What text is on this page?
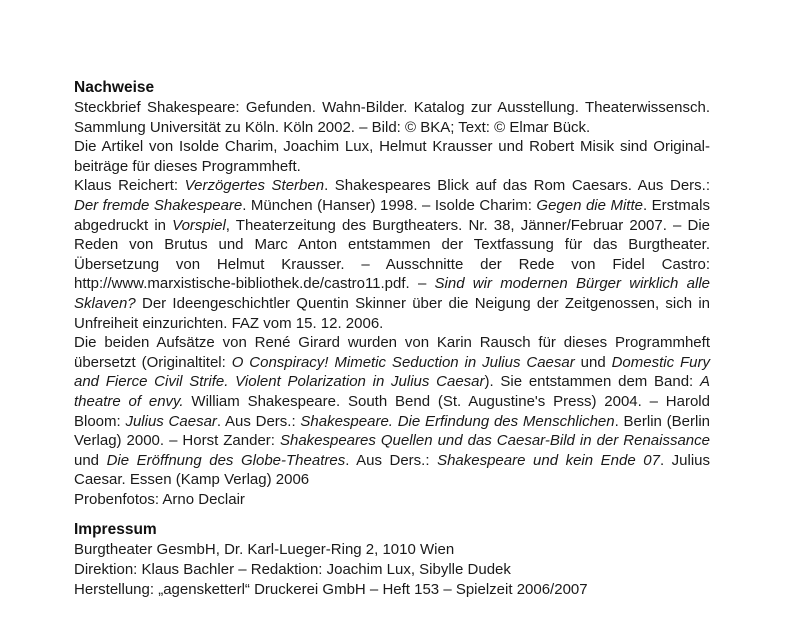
Nachweise

Steckbrief Shakespeare: Gefunden. Wahn-Bilder. Katalog zur Ausstellung. Theaterwissensch. Sammlung Universität zu Köln. Köln 2002. – Bild: © BKA; Text: © Elmar Bück.

Die Artikel von Isolde Charim, Joachim Lux, Helmut Krausser und Robert Misik sind Originalbeiträge für dieses Programmheft.

Klaus Reichert: Verzögertes Sterben. Shakespeares Blick auf das Rom Caesars. Aus Ders.: Der fremde Shakespeare. München (Hanser) 1998. – Isolde Charim: Gegen die Mitte. Erstmals abgedruckt in Vorspiel, Theaterzeitung des Burgtheaters. Nr. 38, Jänner/Februar 2007. – Die Reden von Brutus und Marc Anton entstammen der Textfassung für das Burgtheater. Übersetzung von Helmut Krausser. – Ausschnitte der Rede von Fidel Castro: http://www.marxistische-bibliothek.de/castro11.pdf. – Sind wir modernen Bürger wirklich alle Sklaven? Der Ideengeschichtler Quentin Skinner über die Neigung der Zeitgenossen, sich in Unfreiheit einzurichten. FAZ vom 15. 12. 2006.

Die beiden Aufsätze von René Girard wurden von Karin Rausch für dieses Programmheft übersetzt (Originaltitel: O Conspiracy! Mimetic Seduction in Julius Caesar und Domestic Fury and Fierce Civil Strife. Violent Polarization in Julius Caesar). Sie entstammen dem Band: A theatre of envy. William Shakespeare. South Bend (St. Augustine's Press) 2004. – Harold Bloom: Julius Caesar. Aus Ders.: Shakespeare. Die Erfindung des Menschlichen. Berlin (Berlin Verlag) 2000. – Horst Zander: Shakespeares Quellen und das Caesar-Bild in der Renaissance und Die Eröffnung des Globe-Theatres. Aus Ders.: Shakespeare und kein Ende 07. Julius Caesar. Essen (Kamp Verlag) 2006

Probenfotos: Arno Declair

Impressum

Burgtheater GesmbH, Dr. Karl-Lueger-Ring 2, 1010 Wien

Direktion: Klaus Bachler – Redaktion: Joachim Lux, Sibylle Dudek

Herstellung: „agensketterl“ Druckerei GmbH – Heft 153 – Spielzeit 2006/2007
